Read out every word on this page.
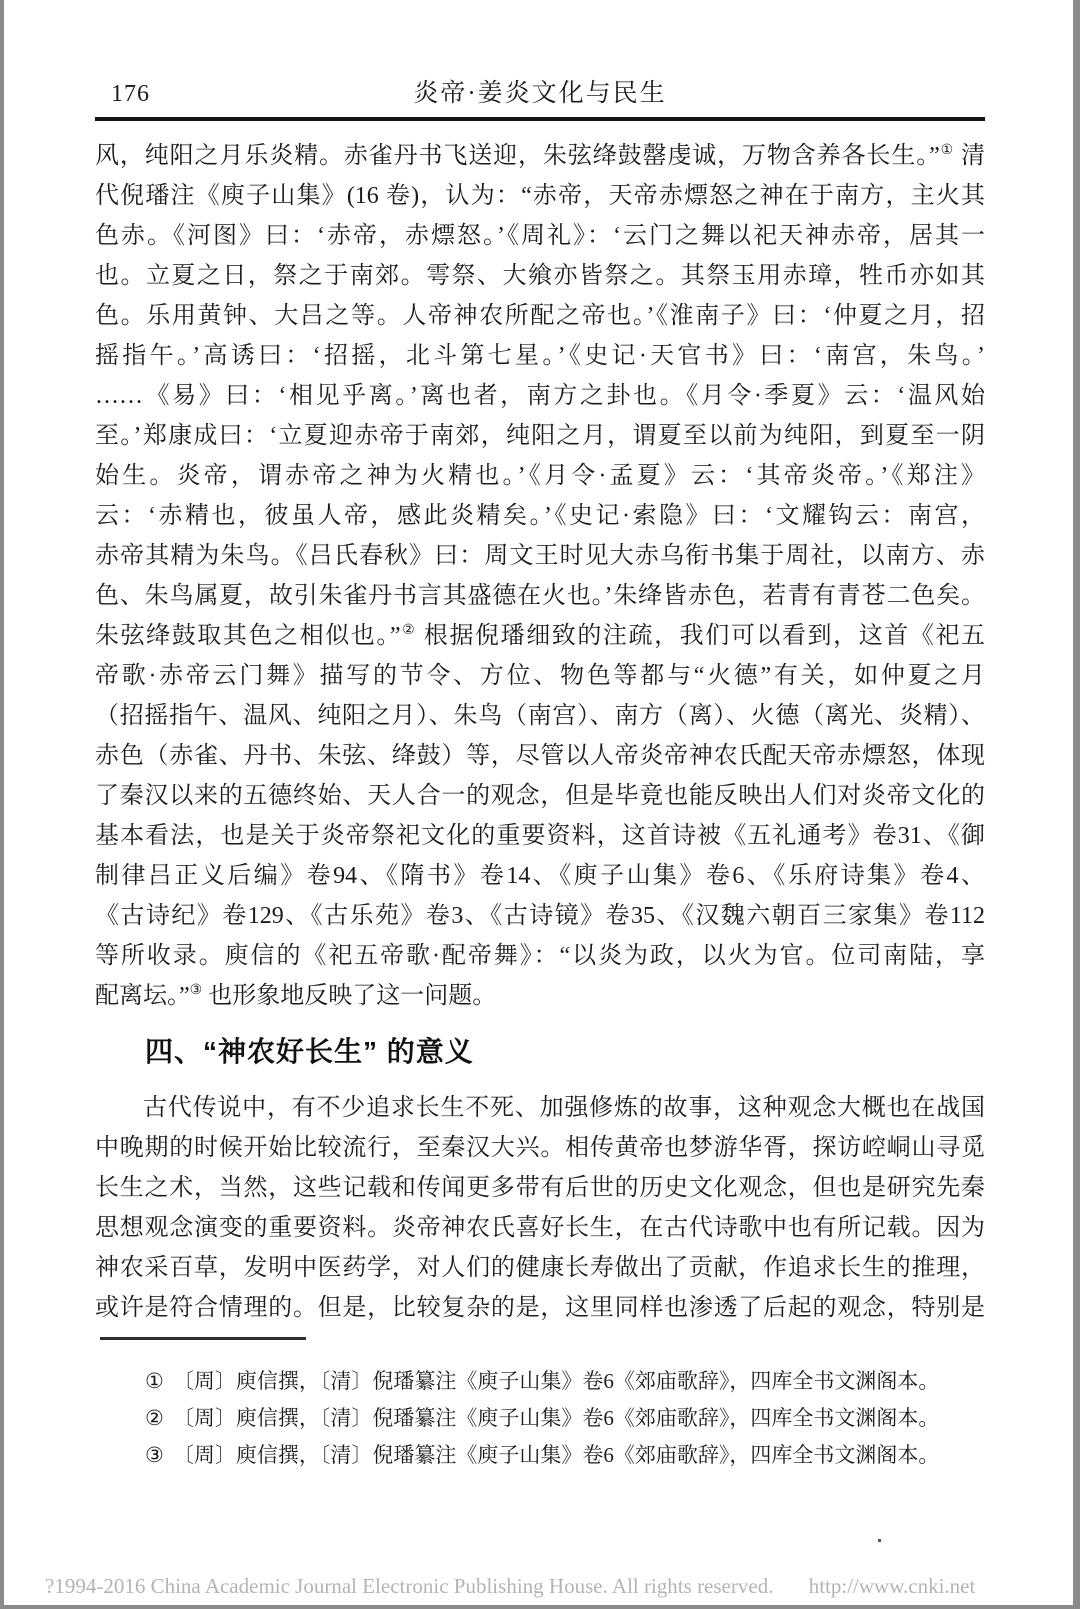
176	炎帝·姜炎文化与民生
风，纯阳之月乐炎精。赤雀丹书飞送迎，朱弦绛鼓罄虔诚，万物含养各长生。”① 清
代倪璠注《庾子山集》(16 卷)，认为：“赤帝，天帝赤熛怒之神在于南方，主火其
色赤。《河图》曰：‘赤帝，赤熛怒。’《周礼》：‘云门之舞以祀天神赤帝，居其一
也。立夏之日，祭之于南郊。雩祭、大飨亦皆祭之。其祭玉用赤璋，牲币亦如其
色。乐用黄钟、大吕之等。人帝神农所配之帝也。’《淮南子》曰：‘仲夏之月，招
摇指午。’高诱曰：‘招摇，北斗第七星。’《史记·天官书》曰：‘南宫，朱鸟。’
……《易》曰：‘相见乎离。’离也者，南方之卦也。《月令·季夏》云：‘温风始
至。’郑康成曰：‘立夏迎赤帝于南郊，纯阳之月，谓夏至以前为纯阳，到夏至一阴
始生。炎帝，谓赤帝之神为火精也。’《月令·孟夏》云：‘其帝炎帝。’《郑注》
云：‘赤精也，彼虽人帝，感此炎精矣。’《史记·索隐》曰：‘文耀钩云：南宫，
赤帝其精为朱鸟。《吕氏春秋》曰：周文王时见大赤乌衔书集于周社，以南方、赤
色、朱鸟属夏，故引朱雀丹书言其盛德在火也。’朱绛皆赤色，若青有青苍二色矣。
朱弦绛鼓取其色之相似也。”② 根据倪璠细致的注疏，我们可以看到，这首《祀五
帝歌·赤帝云门舞》描写的节令、方位、物色等都与“火德”有关，如仲夏之月
（招摇指午、温风、纯阳之月）、朱鸟（南宫）、南方（离）、火德（离光、炎精）、
赤色（赤雀、丹书、朱弦、绛鼓）等，尽管以人帝炎帝神农氏配天帝赤熛怒，体现
了秦汉以来的五德终始、天人合一的观念，但是毕竟也能反映出人们对炎帝文化的
基本看法，也是关于炎帝祭祀文化的重要资料，这首诗被《五礼通考》卷31、《御
制律吕正义后编》卷94、《隋书》卷14、《庾子山集》卷6、《乐府诗集》卷4、
《古诗纪》卷129、《古乐苑》卷3、《古诗镜》卷35、《汉魏六朝百三家集》卷112
等所收录。庾信的《祀五帝歌·配帝舞》：“以炎为政，以火为官。位司南陆，享
配离坛。”③ 也形象地反映了这一问题。
四、“神农好长生” 的意义
古代传说中，有不少追求长生不死、加强修炼的故事，这种观念大概也在战国
中晚期的时候开始比较流行，至秦汉大兴。相传黄帝也梦游华胥，探访崆峒山寻觅
长生之术，当然，这些记载和传闻更多带有后世的历史文化观念，但也是研究先秦
思想观念演变的重要资料。炎帝神农氏喜好长生，在古代诗歌中也有所记载。因为
神农采百草，发明中医药学，对人们的健康长寿做出了贡献，作追求长生的推理，
或许是符合情理的。但是，比较复杂的是，这里同样也渗透了后起的观念，特别是
① 〔周〕庾信撰，〔清〕倪璠纂注《庾子山集》卷6《郊庙歌辞》，四库全书文渊阁本。
② 〔周〕庾信撰，〔清〕倪璠纂注《庾子山集》卷6《郊庙歌辞》，四库全书文渊阁本。
③ 〔周〕庾信撰，〔清〕倪璠纂注《庾子山集》卷6《郊庙歌辞》，四库全书文渊阁本。
?1994-2016 China Academic Journal Electronic Publishing House. All rights reserved. http://www.cnki.net
